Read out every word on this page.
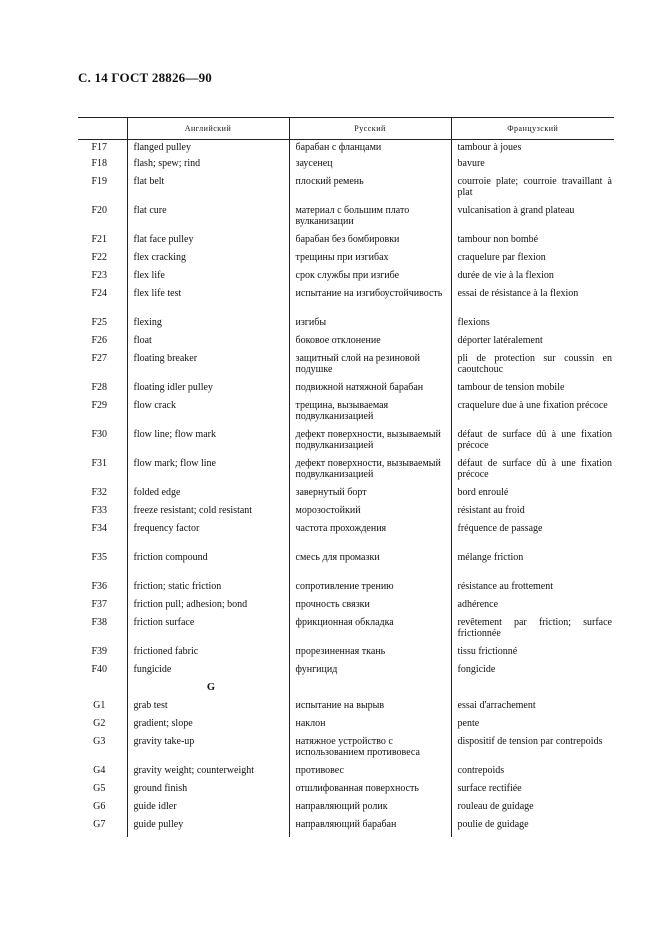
С. 14 ГОСТ 28826—90
	Английский	Русский	Французский
F17	flanged pulley	барабан с фланцами	tambour à joues
F18	flash; spew; rind	заусенец	bavure
F19	flat belt	плоский ремень	courroie plate; courroie travaillant à plat
F20	flat cure	материал с большим плато вулканизации	vulcanisation à grand plateau
F21	flat face pulley	барабан без бомбировки	tambour non bombé
F22	flex cracking	трещины при изгибах	craquelure par flexion
F23	flex life	срок службы при изгибе	durée de vie à la flexion
F24	flex life test	испытание на изгибоустойчивость	essai de résistance à la flexion
F25	flexing	изгибы	flexions
F26	float	боковое отклонение	déporter latéralement
F27	floating breaker	защитный слой на резиновой подушке	pli de protection sur coussin en caoutchouc
F28	floating idler pulley	подвижной натяжной барабан	tambour de tension mobile
F29	flow crack	трещина, вызываемая подвулканизацией	craquelure due à une fixation précoce
F30	flow line; flow mark	дефект поверхности, вызываемый подвулканизацией	défaut de surface dû à une fixation précoce
F31	flow mark; flow line	дефект поверхности, вызываемый подвулканизацией	défaut de surface dû à une fixation précoce
F32	folded edge	завернутый борт	bord enroulé
F33	freeze resistant; cold resistant	морозостойкий	résistant au froid
F34	frequency factor	частота прохождения	fréquence de passage
F35	friction compound	смесь для промазки	mélange friction
F36	friction; static friction	сопротивление трению	résistance au frottement
F37	friction pull; adhesion; bond	прочность связки	adhérence
F38	friction surface	фрикционная обкладка	revêtement par friction; surface frictionnée
F39	frictioned fabric	прорезиненная ткань	tissu frictionné
F40	fungicide	фунгицид	fongicide
	G		
G1	grab test	испытание на вырыв	essai d'arrachement
G2	gradient; slope	наклон	pente
G3	gravity take-up	натяжное устройство с использованием противовеса	dispositif de tension par contrepoids
G4	gravity weight; counterweight	противовес	contrepoids
G5	ground finish	отшлифованная поверхность	surface rectifiée
G6	guide idler	направляющий ролик	rouleau de guidage
G7	guide pulley	направляющий барабан	poulie de guidage
